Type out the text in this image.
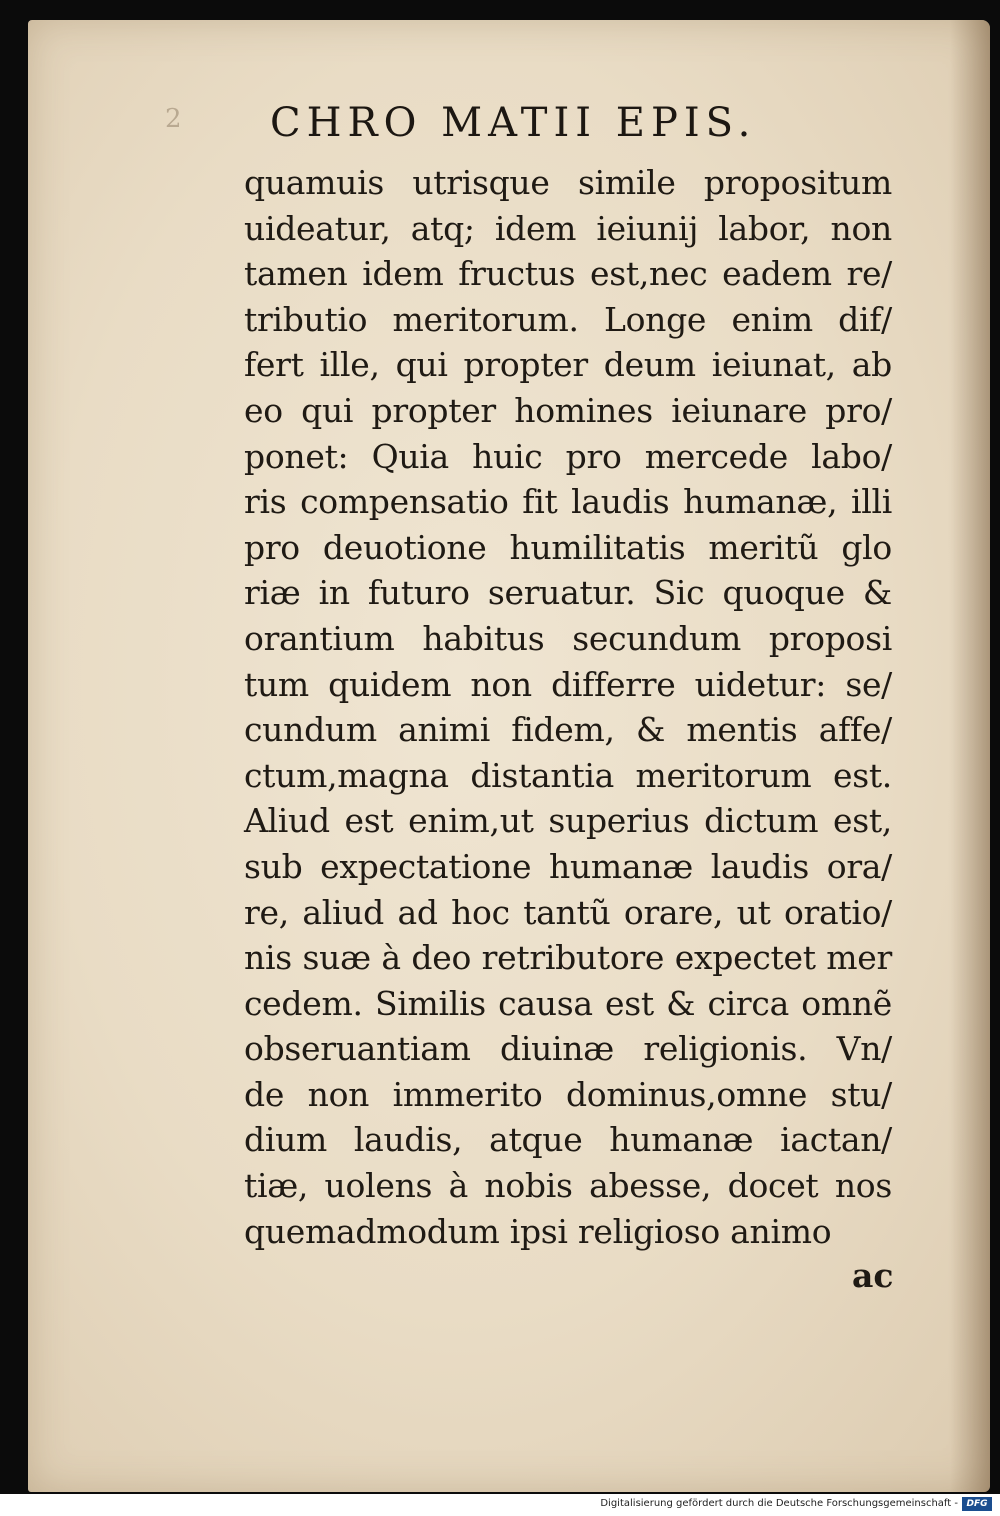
2 CHRO MATII EPIS.
quamuis utrisque simile propositum
uideatur, atq; idem ieiunij labor, non
tamen idem fructus est,nec eadem re/
tributio meritorum. Longe enim dif/
fert ille, qui propter deum ieiunat, ab
eo qui propter homines ieiunare pro/
ponet: Quia huic pro mercede labo/
ris compensatio fit laudis humanæ, illi
pro deuotione humilitatis meritũ glo
riæ in futuro seruatur. Sic quoque &
orantium habitus secundum proposi
tum quidem non differre uidetur: se/
cundum animi fidem, & mentis affe/
ctum,magna distantia meritorum est.
Aliud est enim,ut superius dictum est,
sub expectatione humanæ laudis ora/
re, aliud ad hoc tantũ orare, ut oratio/
nis suæ à deo retributore expectet mer
cedem. Similis causa est & circa omnẽ
obseruantiam diuinæ religionis. Vn/
de non immerito dominus,omne stu/
dium laudis, atque humanæ iactan/
tiæ, uolens à nobis abesse, docet nos
quemadmodum ipsi religioso animo
ac
Digitalisierung gefördert durch die Deutsche Forschungsgemeinschaft - DFG
